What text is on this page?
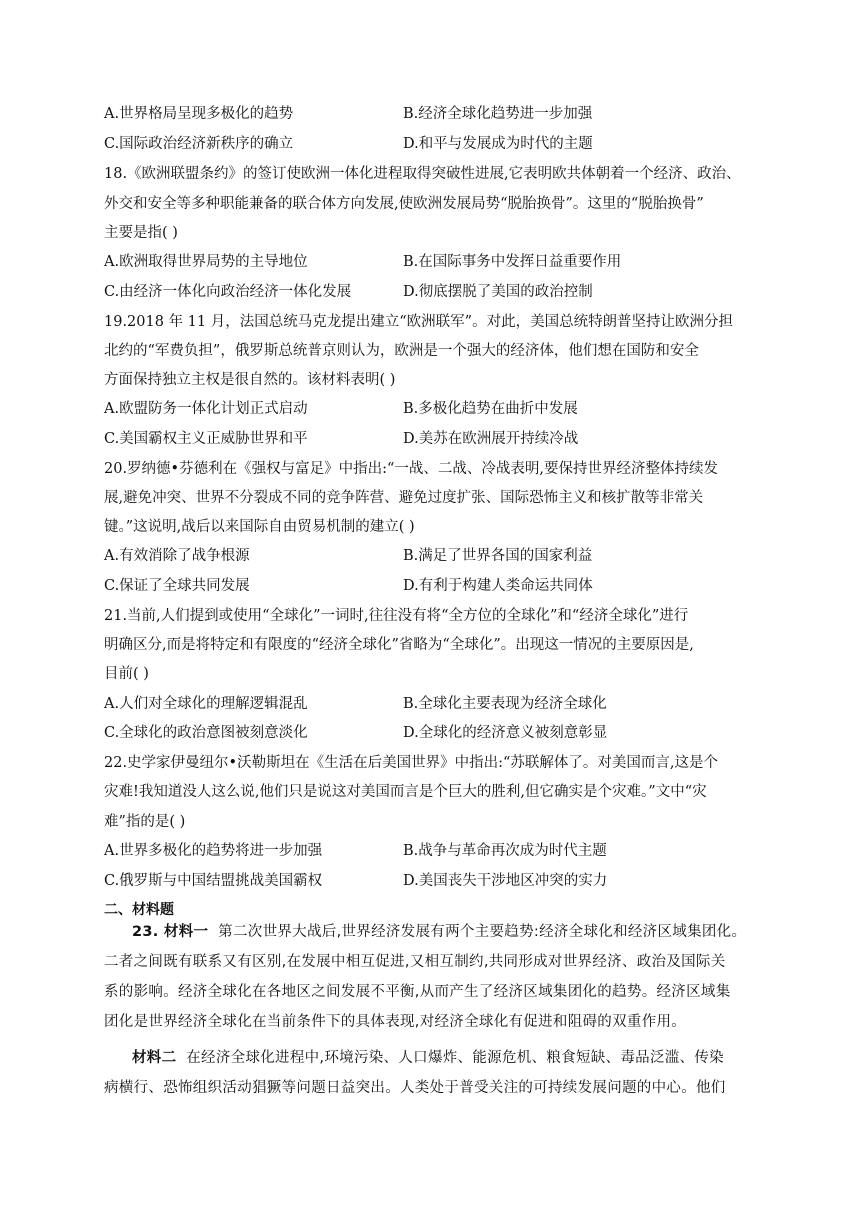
A.世界格局呈现多极化的趋势	B.经济全球化趋势进一步加强
C.国际政治经济新秩序的确立	D.和平与发展成为时代的主题
18.《欧洲联盟条约》的签订使欧洲一体化进程取得突破性进展,它表明欧共体朝着一个经济、政治、
外交和安全等多种职能兼备的联合体方向发展,使欧洲发展局势“脱胎换骨”。这里的“脱胎换骨”
主要是指( )
A.欧洲取得世界局势的主导地位	B.在国际事务中发挥日益重要作用
C.由经济一体化向政治经济一体化发展	D.彻底摆脱了美国的政治控制
19.2018 年 11 月，法国总统马克龙提出建立“欧洲联军”。对此，美国总统特朗普坚持让欧洲分担
北约的“军费负担”，俄罗斯总统普京则认为，欧洲是一个强大的经济体，他们想在国防和安全
方面保持独立主权是很自然的。该材料表明( )
A.欧盟防务一体化计划正式启动	B.多极化趋势在曲折中发展
C.美国霸权主义正威胁世界和平	D.美苏在欧洲展开持续冷战
20.罗纳德•芬德利在《强权与富足》中指出:“一战、二战、冷战表明,要保持世界经济整体持续发
展,避免冲突、世界不分裂成不同的竞争阵营、避免过度扩张、国际恐怖主义和核扩散等非常关
键。”这说明,战后以来国际自由贸易机制的建立( )
A.有效消除了战争根源	B.满足了世界各国的国家利益
C.保证了全球共同发展	D.有利于构建人类命运共同体
21.当前,人们提到或使用“全球化”一词时,往往没有将“全方位的全球化”和“经济全球化”进行
明确区分,而是将特定和有限度的“经济全球化”省略为“全球化”。出现这一情况的主要原因是,
目前( )
A.人们对全球化的理解逻辑混乱	B.全球化主要表现为经济全球化
C.全球化的政治意图被刻意淡化	D.全球化的经济意义被刻意彰显
22.史学家伊曼纽尔•沃勒斯坦在《生活在后美国世界》中指出:“苏联解体了。对美国而言,这是个
灾难!我知道没人这么说,他们只是说这对美国而言是个巨大的胜利,但它确实是个灾难。”文中“灾
难”指的是( )
A.世界多极化的趋势将进一步加强	B.战争与革命再次成为时代主题
C.俄罗斯与中国结盟挑战美国霸权	D.美国丧失干涉地区冲突的实力
二、材料题
23. 材料一 第二次世界大战后,世界经济发展有两个主要趋势:经济全球化和经济区域集团化。
二者之间既有联系又有区别,在发展中相互促进,又相互制约,共同形成对世界经济、政治及国际关
系的影响。经济全球化在各地区之间发展不平衡,从而产生了经济区域集团化的趋势。经济区域集
团化是世界经济全球化在当前条件下的具体表现,对经济全球化有促进和阻碍的双重作用。
材料二 在经济全球化进程中,环境污染、人口爆炸、能源危机、粮食短缺、毒品泛滥、传染
病横行、恐怖组织活动猖獗等问题日益突出。人类处于普受关注的可持续发展问题的中心。他们
